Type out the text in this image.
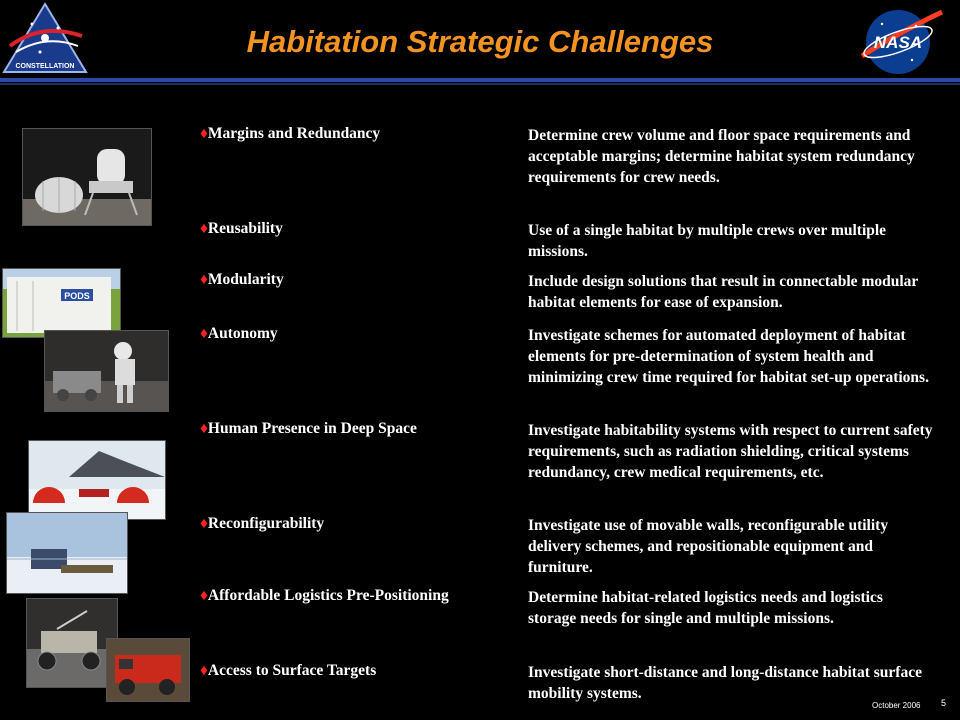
CONSTELLATION
Habitation Strategic Challenges	NASA
PODS
♦Margins and Redundancy	Determine crew volume and floor space requirements and acceptable margins; determine habitat system redundancy requirements for crew needs.
♦Reusability	Use of a single habitat by multiple crews over multiple missions.
♦Modularity	Include design solutions that result in connectable modular habitat elements for ease of expansion.
♦Autonomy	Investigate schemes for automated deployment of habitat elements for pre-determination of system health and minimizing crew time required for habitat set-up operations.
♦Human Presence in Deep Space	Investigate habitability systems with respect to current safety requirements, such as radiation shielding, critical systems redundancy, crew medical requirements, etc.
♦Reconfigurability	Investigate use of movable walls, reconfigurable utility delivery schemes, and repositionable equipment and furniture.
♦Affordable Logistics Pre-Positioning	Determine habitat-related logistics needs and logistics storage needs for single and multiple missions.
♦Access to Surface Targets	Investigate short-distance and long-distance habitat surface mobility systems.
October 2006 5
